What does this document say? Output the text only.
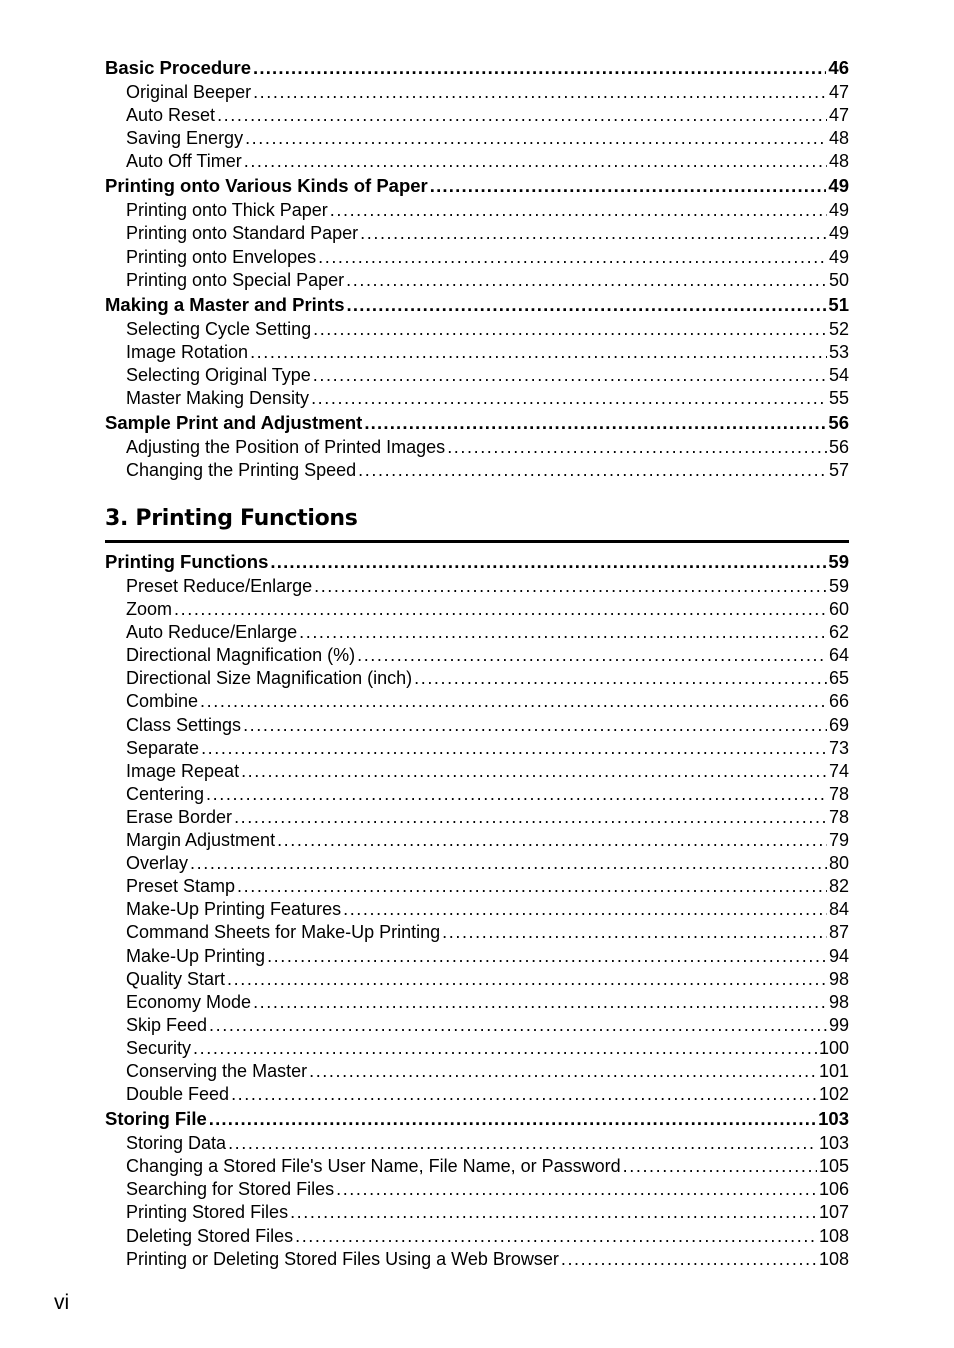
Basic Procedure .....	46
Original Beeper .....	47
Auto Reset .....	47
Saving Energy .....	48
Auto Off Timer .....	48
Printing onto Various Kinds of Paper .....	49
Printing onto Thick Paper .....	49
Printing onto Standard Paper .....	49
Printing onto Envelopes .....	49
Printing onto Special Paper .....	50
Making a Master and Prints .....	51
Selecting Cycle Setting .....	52
Image Rotation .....	53
Selecting Original Type .....	54
Master Making Density .....	55
Sample Print and Adjustment .....	56
Adjusting the Position of Printed Images .....	56
Changing the Printing Speed .....	57
3. Printing Functions
Printing Functions .....	59
Preset Reduce/Enlarge .....	59
Zoom .....	60
Auto Reduce/Enlarge .....	62
Directional Magnification (%) .....	64
Directional Size Magnification (inch) .....	65
Combine .....	66
Class Settings .....	69
Separate .....	73
Image Repeat .....	74
Centering .....	78
Erase Border .....	78
Margin Adjustment .....	79
Overlay .....	80
Preset Stamp .....	82
Make-Up Printing Features .....	84
Command Sheets for Make-Up Printing .....	87
Make-Up Printing .....	94
Quality Start .....	98
Economy Mode .....	98
Skip Feed .....	99
Security .....	100
Conserving the Master .....	101
Double Feed .....	102
Storing File .....	103
Storing Data .....	103
Changing a Stored File's User Name, File Name, or Password .....	105
Searching for Stored Files .....	106
Printing Stored Files .....	107
Deleting Stored Files .....	108
Printing or Deleting Stored Files Using a Web Browser .....	108
vi
